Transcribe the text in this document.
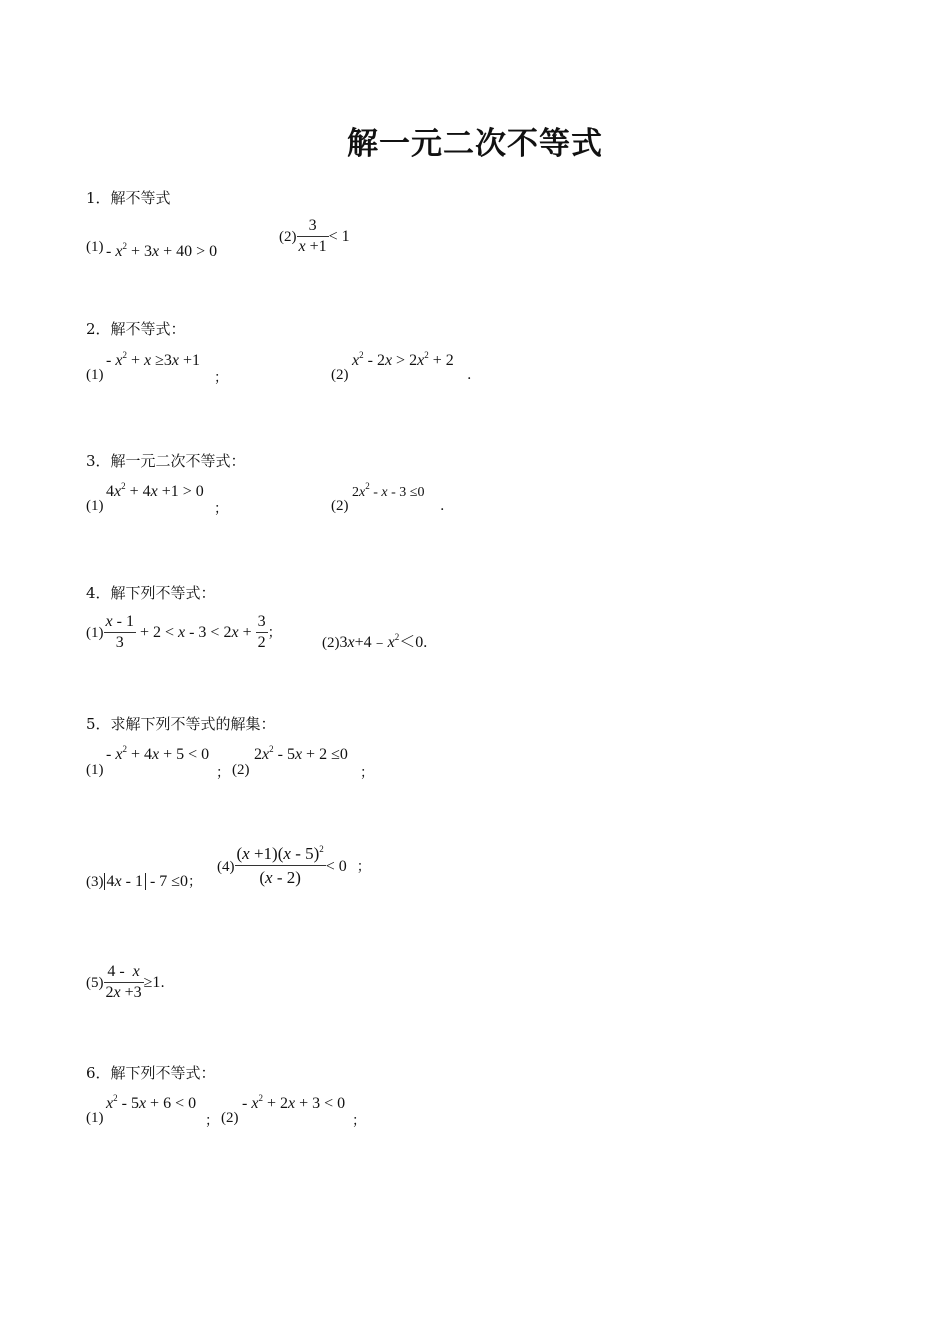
解一元二次不等式
1．解不等式
$(1) - x^2 + 3x + 40 > 0$
$(2) \frac{3}{x +1} < 1$
2．解不等式：
(1)
- $x^2 + x \ge 3x +1$
；	(2)
$x^2 - 2x > 2x^2 + 2$
.
3．解一元二次不等式：
(1)
$4x^2 + 4x +1 > 0$
；	(2)
$2x^2 - x - 3 \le 0$
.
4．解下列不等式：
$(1) \frac{x - 1}{3} + 2 < x - 3 < 2x + \frac{3}{2}$ ；
$(2)3x+4﹣x^2<0$.
5．求解下列不等式的解集：
(1)
- $x^2 + 4x + 5 < 0$
； (2)
$2x^2 - 5x + 2 \le 0$
；
(3) 4x - 1 - 7 ≤0；
$(4) \frac{(x +1)(x - 5)^2}{(x - 2)} < 0$ ；
$(5) \frac{4 - x}{2x +3} \ge 1$.
6．解下列不等式：
(1)
$x^2 - 5x + 6 < 0$
； (2)
- $x^2 + 2x + 3 < 0$
；
